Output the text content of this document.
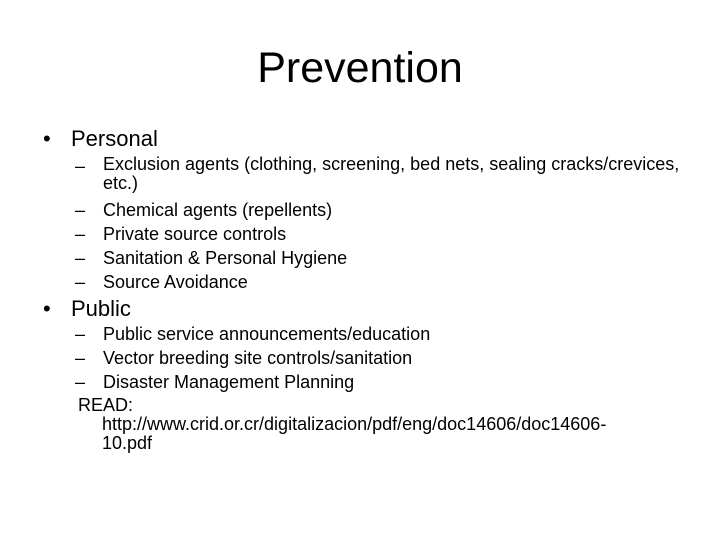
Prevention
• Personal
– Exclusion agents (clothing, screening, bed nets, sealing cracks/crevices, etc.)
– Chemical agents (repellents)
– Private source controls
– Sanitation & Personal Hygiene
– Source Avoidance
• Public
– Public service announcements/education
– Vector breeding site controls/sanitation
– Disaster Management Planning
READ:
http://www.crid.or.cr/digitalizacion/pdf/eng/doc14606/doc14606-
10.pdf
